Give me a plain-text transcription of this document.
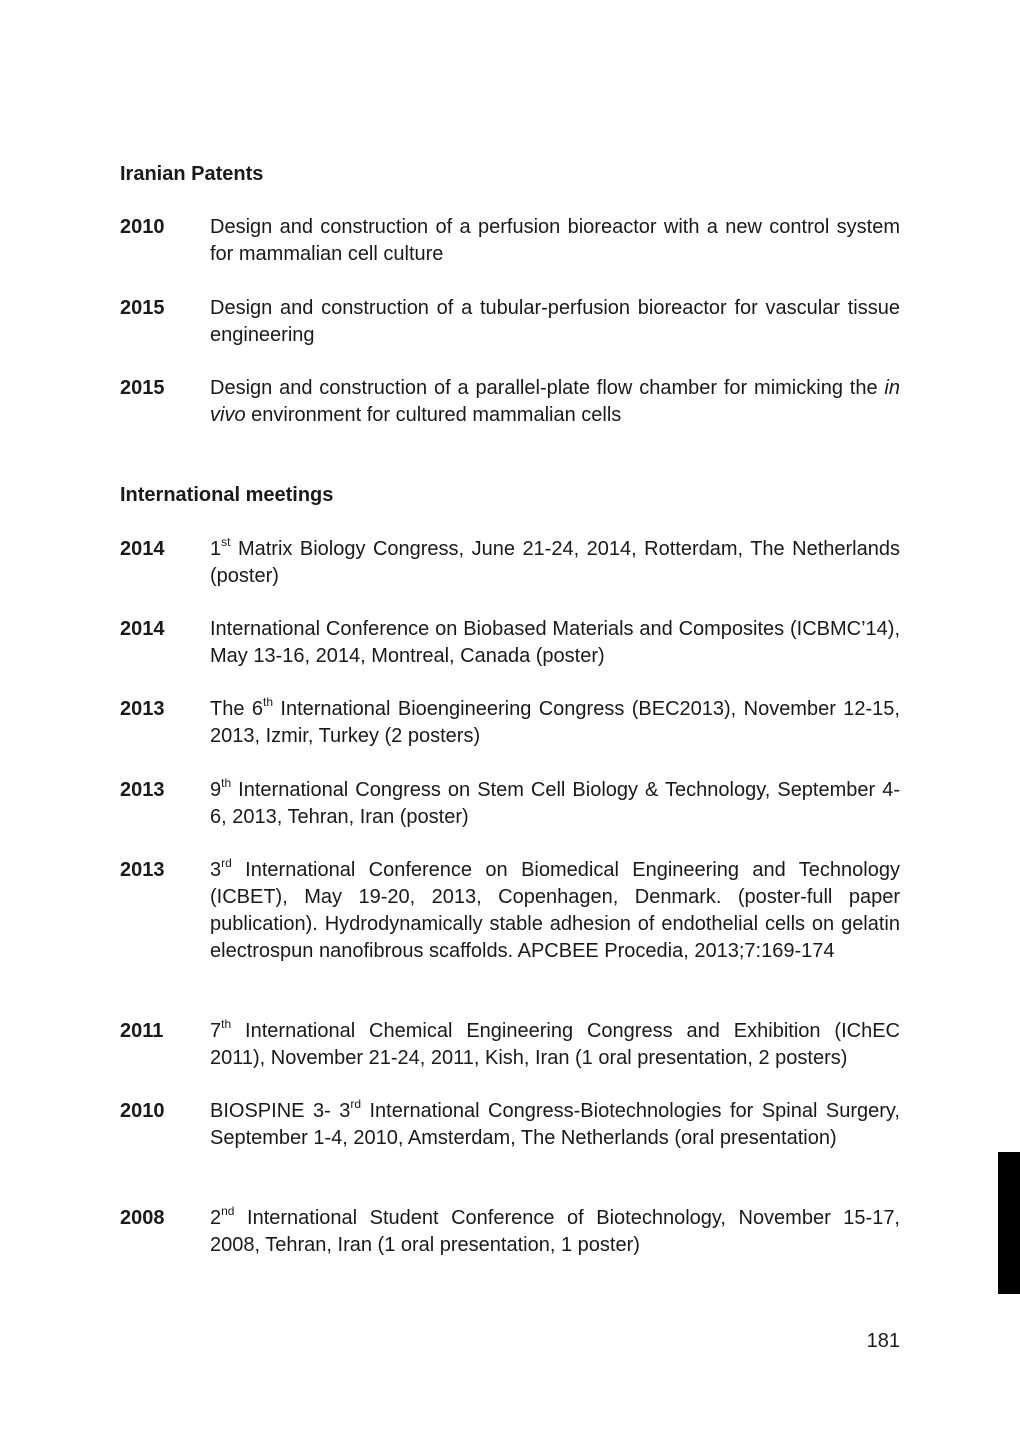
Iranian Patents
2010	Design and construction of a perfusion bioreactor with a new control system for mammalian cell culture
2015	Design and construction of a tubular-perfusion bioreactor for vascular tissue engineering
2015	Design and construction of a parallel-plate flow chamber for mimicking the in vivo environment for cultured mammalian cells
International meetings
2014	1st Matrix Biology Congress, June 21-24, 2014, Rotterdam, The Netherlands (poster)
2014	International Conference on Biobased Materials and Composites (ICBMC’14), May 13-16, 2014, Montreal, Canada (poster)
2013	The 6th International Bioengineering Congress (BEC2013), November 12-15, 2013, Izmir, Turkey (2 posters)
2013	9th International Congress on Stem Cell Biology & Technology, September 4-6, 2013, Tehran, Iran (poster)
2013	3rd International Conference on Biomedical Engineering and Technology (ICBET), May 19-20, 2013, Copenhagen, Denmark. (poster-full paper publication). Hydrodynamically stable adhesion of endothelial cells on gelatin electrospun nanofibrous scaffolds. APCBEE Procedia, 2013;7:169-174
2011	7th International Chemical Engineering Congress and Exhibition (IChEC 2011), November 21-24, 2011, Kish, Iran (1 oral presentation, 2 posters)
2010	BIOSPINE 3- 3rd International Congress-Biotechnologies for Spinal Surgery, September 1-4, 2010, Amsterdam, The Netherlands (oral presentation)
2008	2nd International Student Conference of Biotechnology, November 15-17, 2008, Tehran, Iran (1 oral presentation, 1 poster)
181
